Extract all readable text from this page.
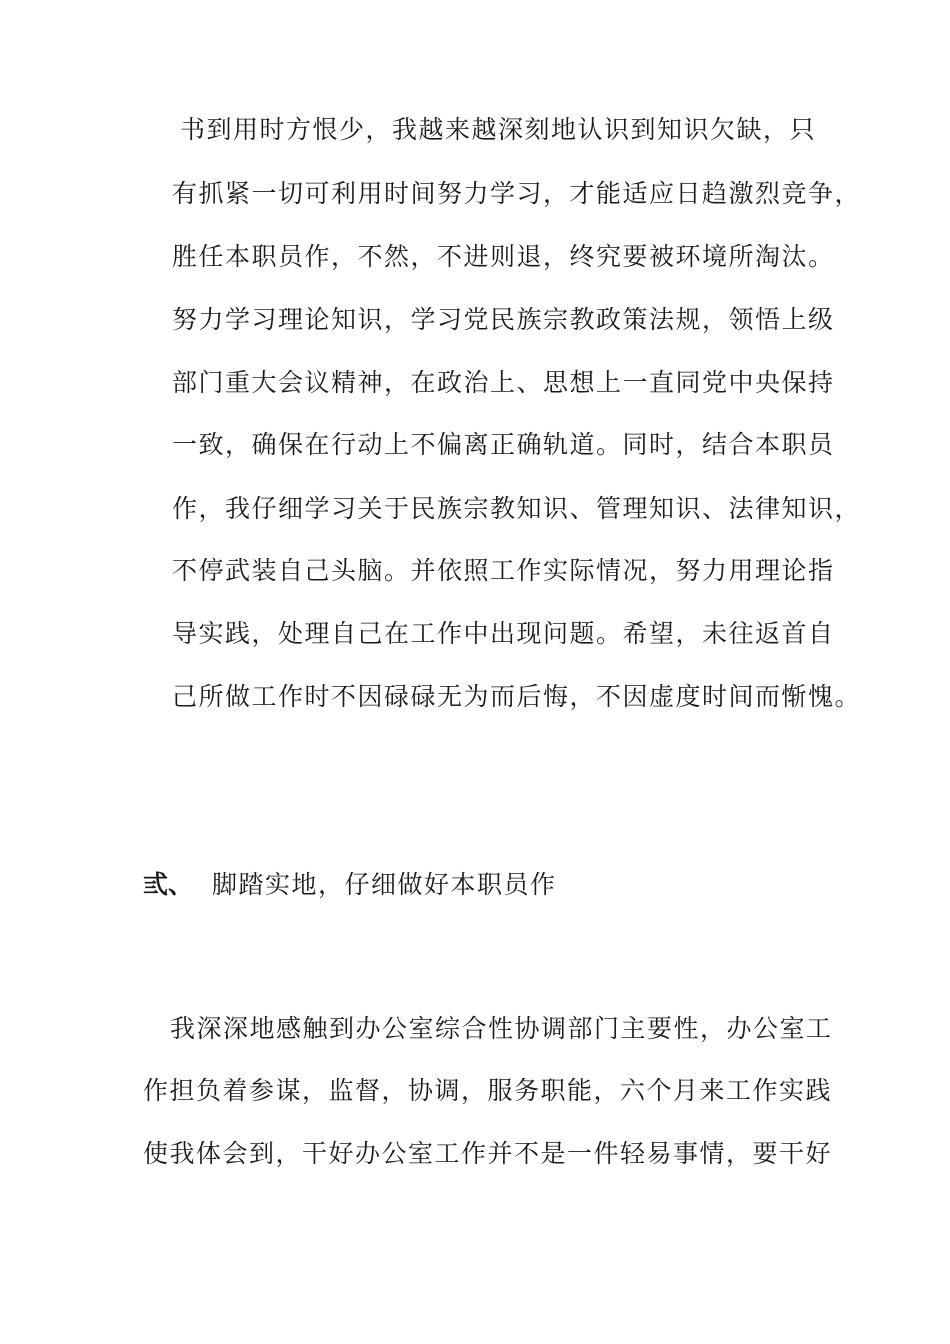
书到用时方恨少，我越来越深刻地认识到知识欠缺，只
有抓紧一切可利用时间努力学习，才能适应日趋激烈竞争，
胜任本职员作，不然，不进则退，终究要被环境所淘汰。
努力学习理论知识，学习党民族宗教政策法规，领悟上级
部门重大会议精神，在政治上、思想上一直同党中央保持
一致，确保在行动上不偏离正确轨道。同时，结合本职员
作，我仔细学习关于民族宗教知识、管理知识、法律知识，
不停武装自己头脑。并依照工作实际情况，努力用理论指
导实践，处理自己在工作中出现问题。希望，未往返首自
己所做工作时不因碌碌无为而后悔，不因虚度时间而惭愧。
弎、 脚踏实地，仔细做好本职员作
我深深地感触到办公室综合性协调部门主要性，办公室工
作担负着参谋，监督，协调，服务职能，六个月来工作实践
使我体会到，干好办公室工作并不是一件轻易事情，要干好
